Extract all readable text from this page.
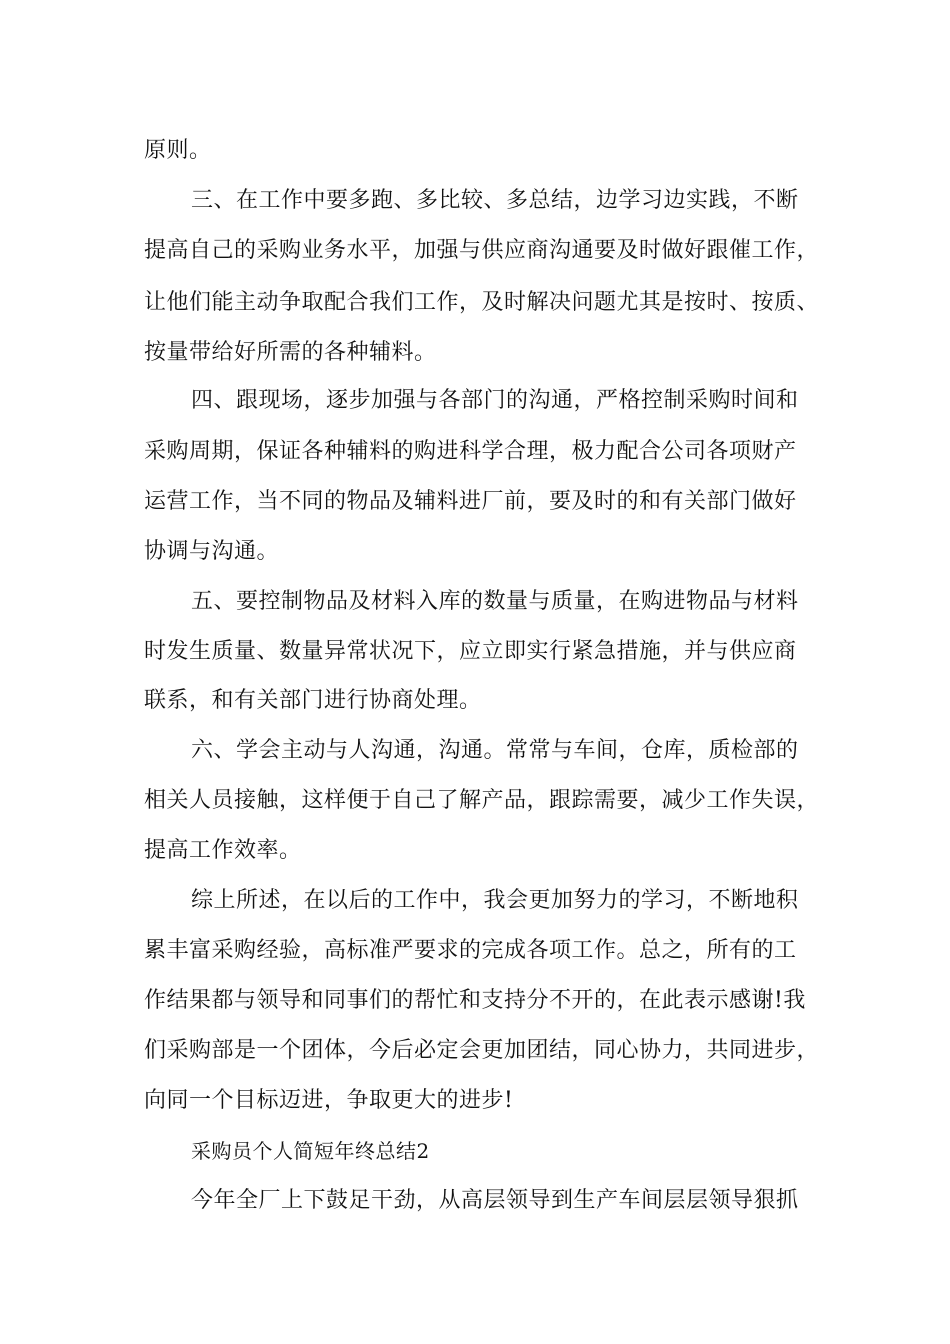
原则。
三、在工作中要多跑、多比较、多总结，边学习边实践，不断
提高自己的采购业务水平，加强与供应商沟通要及时做好跟催工作，
让他们能主动争取配合我们工作，及时解决问题尤其是按时、按质、
按量带给好所需的各种辅料。
四、跟现场，逐步加强与各部门的沟通，严格控制采购时间和
采购周期，保证各种辅料的购进科学合理，极力配合公司各项财产
运营工作，当不同的物品及辅料进厂前，要及时的和有关部门做好
协调与沟通。
五、要控制物品及材料入库的数量与质量，在购进物品与材料
时发生质量、数量异常状况下，应立即实行紧急措施，并与供应商
联系，和有关部门进行协商处理。
六、学会主动与人沟通，沟通。常常与车间，仓库，质检部的
相关人员接触，这样便于自己了解产品，跟踪需要，减少工作失误，
提高工作效率。
综上所述，在以后的工作中，我会更加努力的学习，不断地积
累丰富采购经验，高标准严要求的完成各项工作。总之，所有的工
作结果都与领导和同事们的帮忙和支持分不开的，在此表示感谢!我
们采购部是一个团体，今后必定会更加团结，同心协力，共同进步，
向同一个目标迈进，争取更大的进步!
采购员个人简短年终总结2
今年全厂上下鼓足干劲，从高层领导到生产车间层层领导狠抓
